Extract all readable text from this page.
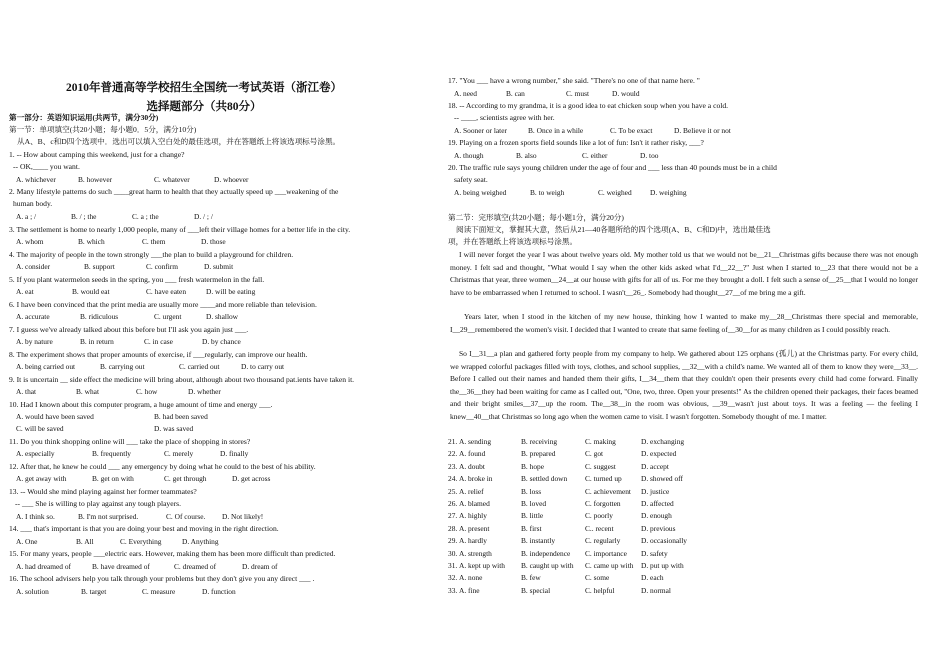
2010年普通高等学校招生全国统一考试英语（浙江卷）
选择题部分（共80分）
第一部分：英语知识运用(共两节，满分30分)
第一节：单项填空(共20小题；每小题0．5分，满分10分)
从A、B、c和D四个选项中．选出可以填入空白处的最佳选项，并在答题纸上将该选项标号涂黑。
1. -- How about camping this weekend, just for a change?
-- OK,____ you want.
A. whichever	B. however	C. whatever	D. whoever
2. Many lifestyle patterns do such ____great harm to health that they actually speed up ___weakening of the
human body.
A. a ; /	B. / ; the	C. a ; the	D. / ; /
3. The settlement is home to nearly 1,000 people, many of ___left their village homes for a better life in the city.
A. whom	B. which	C. them	D. those
4. The majority of people in the town strongly ___the plan to build a playground for children.
A. consider	B. support	C. confirm	D. submit
5. If you plant watermelon seeds in the spring, you ___ fresh watermelon in the fall.
A. eat	B. would eat	C. have eaten	D. will be eating
6. I have been convinced that the print media are usually more ____and more reliable than television.
A. accurate	B. ridiculous	C. urgent	D. shallow
7. I guess we've already talked about this before but I'll ask you again just ___.
A. by nature	B. in return	C. in case	D. by chance
8. The experiment shows that proper amounts of exercise, if ___regularly, can improve our health.
A. being carried out	B. carrying out	C. carried out	D. to carry out
9. It is uncertain __ side effect the medicine will bring about, although about two thousand pat.ients have taken it.
A. that	B. what	C. how	D. whether
10. Had I known about this computer program, a huge amount of time and energy ___.
A. would have been saved	B. had been saved
C. will be saved	D. was saved
11. Do you think shopping online will ___ take the place of shopping in stores?
A. especially	B. frequently	C. merely	D. finally
12. After that, he knew he could ___ any emergency by doing what he could to the best of his ability.
A. get away with	B. get on with	C. get through	D. get across
13. -- Would she mind playing against her former teammates?
-- ___ She is willing to play against any tough players.
A. I think so.	B. I'm not surprised.	C. Of course. D. Not likely!
14. ___ that's important is that you are doing your best and moving in the right direction.
A. One	B. All	C. Everything	D. Anything
15. For many years, people ___electric ears. However, making them has been more difficult than predicted.
A. had dreamed of	B. have dreamed of	C. dreamed of	D. dream of
16. The school advisers help you talk through your problems but they don't give you any direct ___ .
A. solution	B. target	C. measure	D. function
17. "You ___ have a wrong number," she said. "There's no one of that name here. "
A. need	B. can	C. must	D. would
18. -- According to my grandma, it is a good idea to eat chicken soup when you have a cold.
-- ____, scientists agree with her.
A. Sooner or later	B. Once in a while	C. To be exact	D. Believe it or not
19. Playing on a frozen sports field sounds like a lot of fun: Isn't it rather risky, ___?
A. though	B. also	C. either	D. too
20. The traffic rule says young children under the age of four and ___ less than 40 pounds must be in a child
safety seat.
A. being weighed	B. to weigh	C. weighed D. weighing
第二节：完形填空(共20小题；每小题1分，满分20分)
阅读下面短文，掌握其大意，然后从21—40各题所给的四个选项(A、B、C和D)中，选出最佳选
项，并在答题纸上将该选项标号涂黑。
I will never forget the year I was about twelve years old. My mother told us that we would not be__21__Christmas gifts because there was not enough money. I felt sad and thought, "What would I say when the other kids asked what I'd__22__?" Just when I started to__23 that there would not be a Christmas that year, three women__24__at our house with gifts for all of us. For me they brought a doll. I felt such a sense of__25__that I would no longer have to be embarrassed when I returned to school. I wasn't__26_. Somebody had thought__27__of me bring me a gift.
Years later, when I stood in the kitchen of my new house, thinking how I wanted to make my__28__Christmas there special and memorable, I__29__remembered the women's visit. I decided that I wanted to create that same feeling of__30__for as many children as I could possibly reach.
So I__31__a plan and gathered forty people from my company to help. We gathered about 125 orphans (孤儿) at the Christmas party. For every child, we wrapped colorful packages filled with toys, clothes, and school supplies, __32__with a child's name. We wanted all of them to know they were__33__. Before I called out their names and handed them their gifts, I__34__them that they couldn't open their presents every child had come forward. Finally the__36__they had been waiting for came as I called out, "One, two, three. Open your presents!" As the children opened their packages, their faces beamed and their bright smiles__37__up the room. The__38__in the room was obvious, __39__wasn't just about toys. It was a feeling — the feeling I knew__40__that Christmas so long ago when the women came to visit. I wasn't forgotten. Somebody thought of me. I matter.
21. A. sending	B. receiving	C. making	D. exchanging
22. A. found	B. prepared	C. got	D. expected
23. A. doubt	B. hope	C. suggest	D. accept
24. A. broke in	B. settled down C. turned up	D. showed off
25. A. relief	B. loss	C. achievement D. justice
26. A. blamed	B. loved	C. forgotten	D. affected
27. A. highly	B. little	C. poorly	D. enough
28. A. present	B. first	C.. recent	D. previous
29. A. hardly	B. instantly	C. regularly	D. occasionally
30. A. strength	B. independence C. importance D. safety
31. A. kept up with B. caught up with C. came up with D. put up with
32. A. none	B. few	C. some	D. each
33. A. fine	B. special	C. helpful	D. normal
